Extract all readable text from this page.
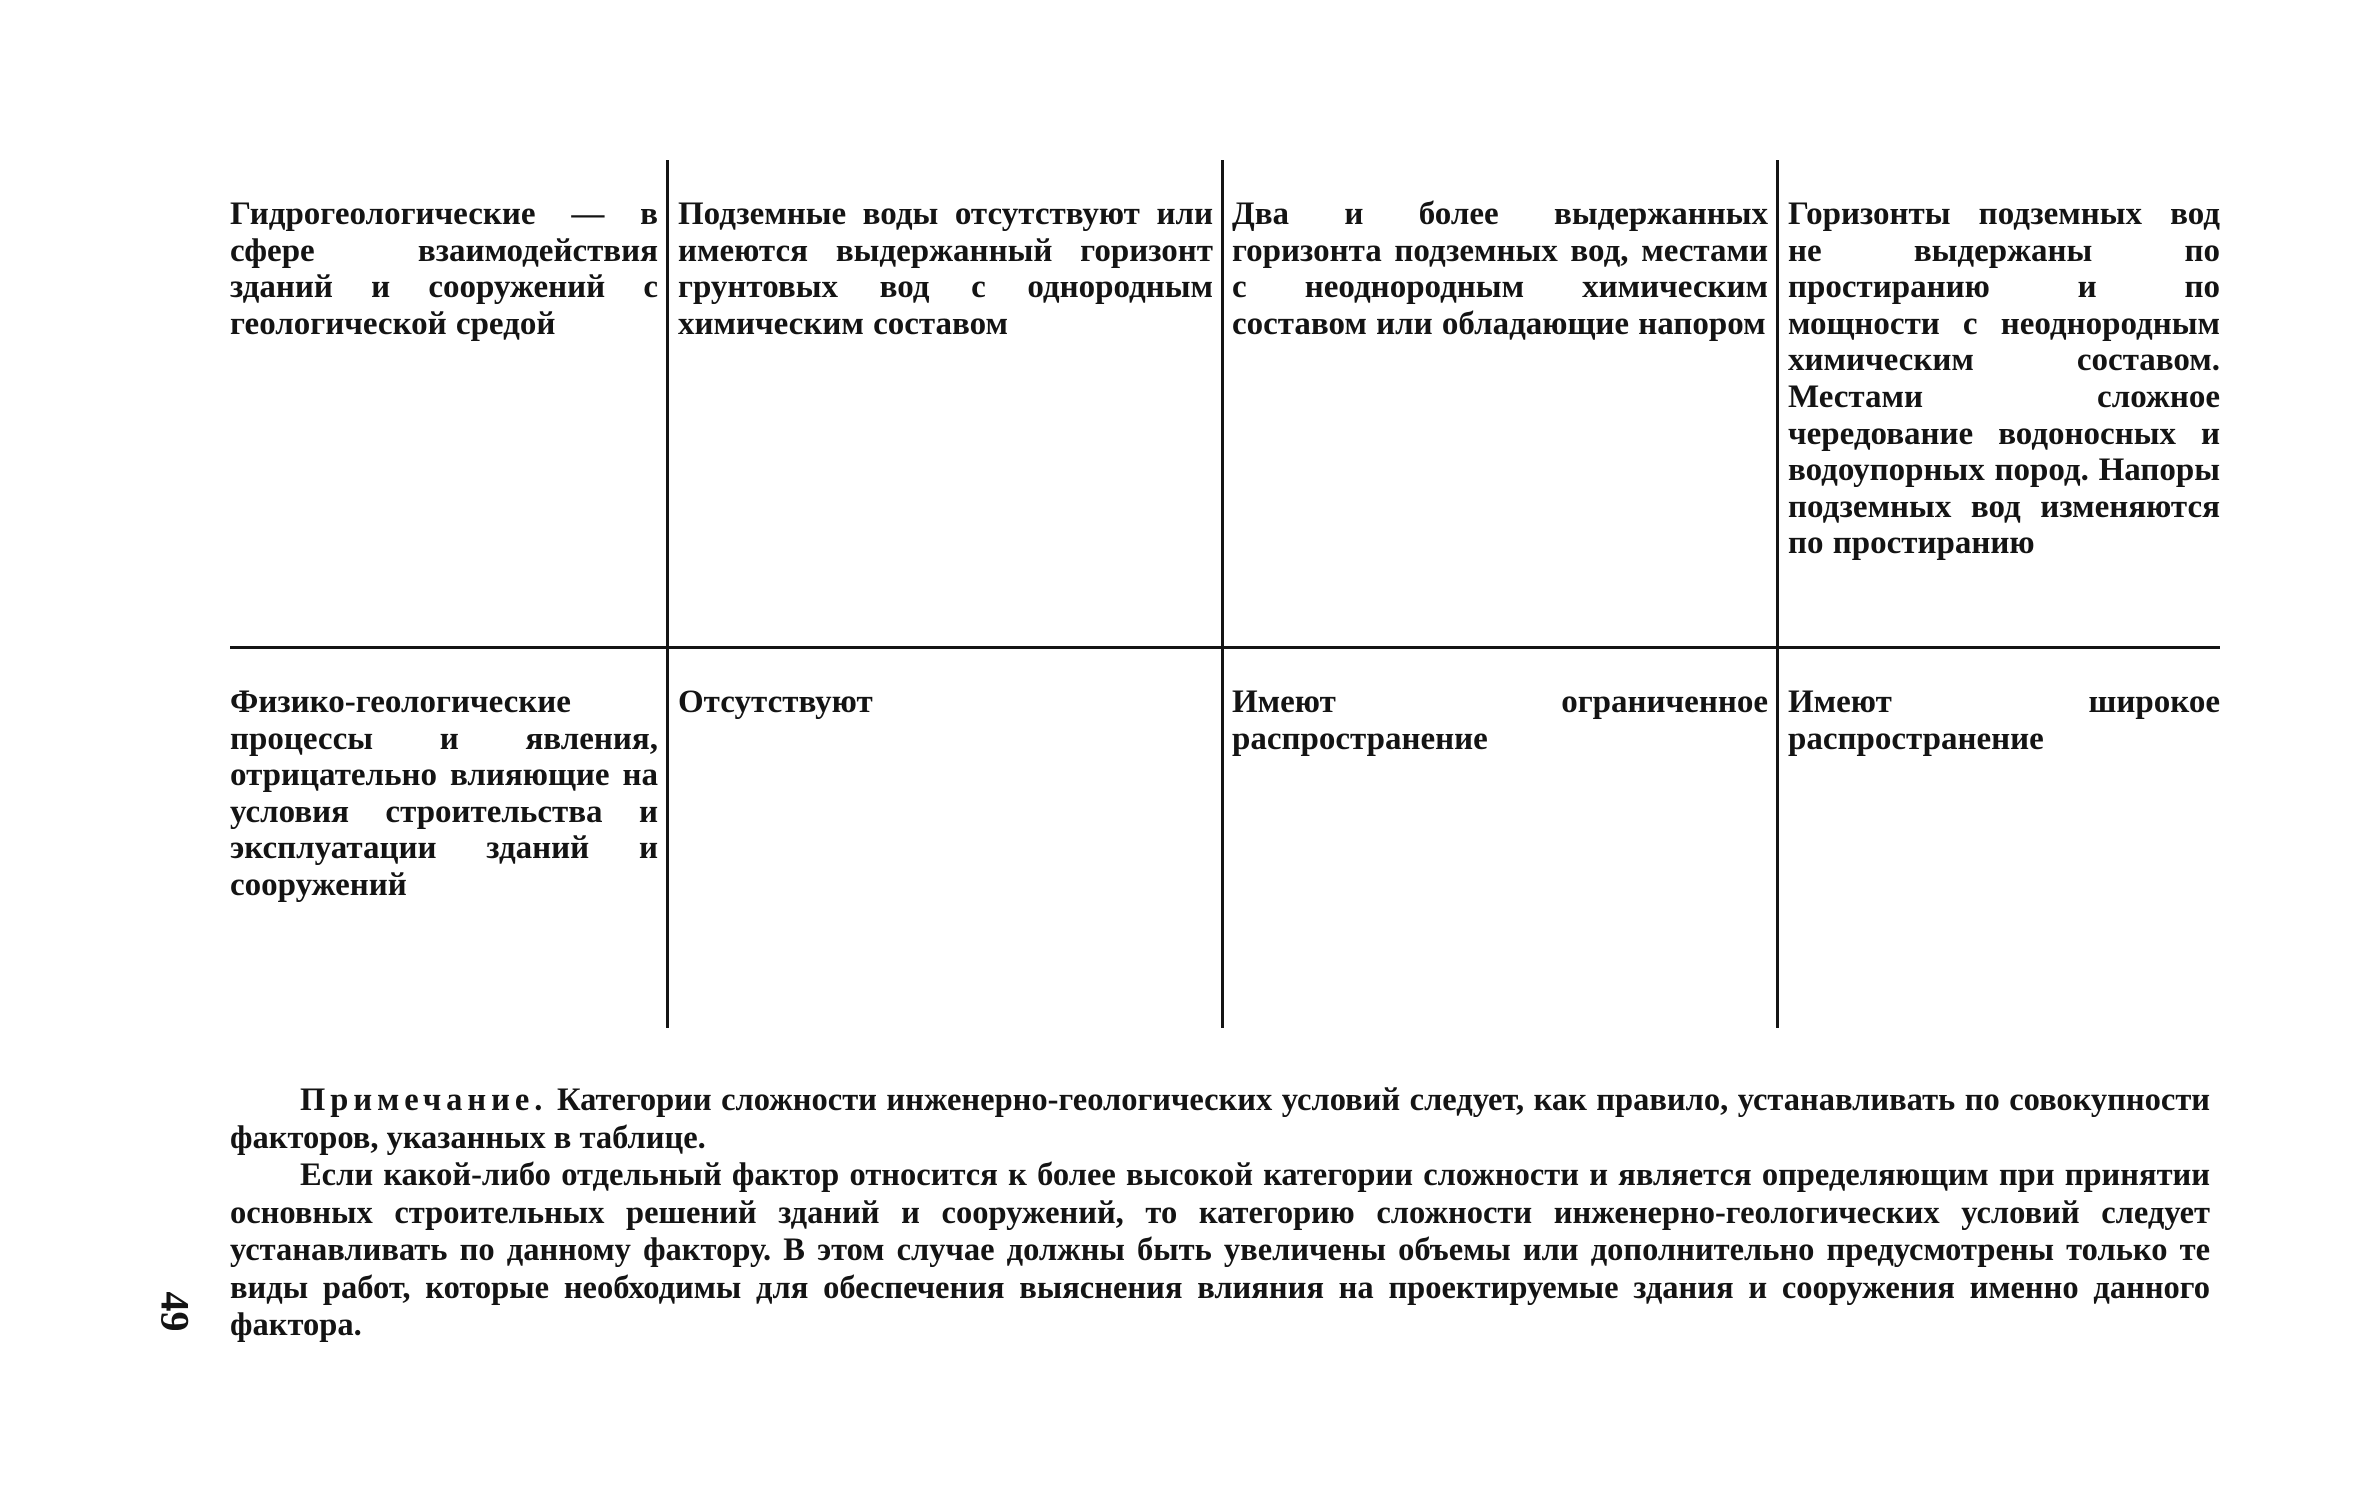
Гидрогеологические — в сфере взаимодействия зданий и сооружений с геологической средой
Подземные воды отсутствуют или имеются выдержанный горизонт грунтовых вод с однородным химическим составом
Два и более выдержанных горизонта подземных вод, местами с неоднородным химическим составом или обладающие напором
Горизонты подземных вод не выдержаны по простиранию и по мощности с неоднородным химическим составом. Местами сложное чередование водоносных и водоупорных пород. Напоры подземных вод изменяются по простиранию
Физико-геологические процессы и явления, отрицательно влияющие на условия строительства и эксплуатации зданий и сооружений
Отсутствуют	Имеют ограниченное распространение
Имеют широкое распространение

Примечание. Категории сложности инженерно-геологических условий следует, как правило, устанавливать по совокупности факторов, указанных в таблице.

Если какой-либо отдельный фактор относится к более высокой категории сложности и является определяющим при принятии основных строительных решений зданий и сооружений, то категорию сложности инженерно-геологических условий следует устанавливать по данному фактору. В этом случае должны быть увеличены объемы или дополнительно предусмотрены только те виды работ, которые необходимы для обеспечения выяснения влияния на проектируемые здания и сооружения именно данного фактора.

49
